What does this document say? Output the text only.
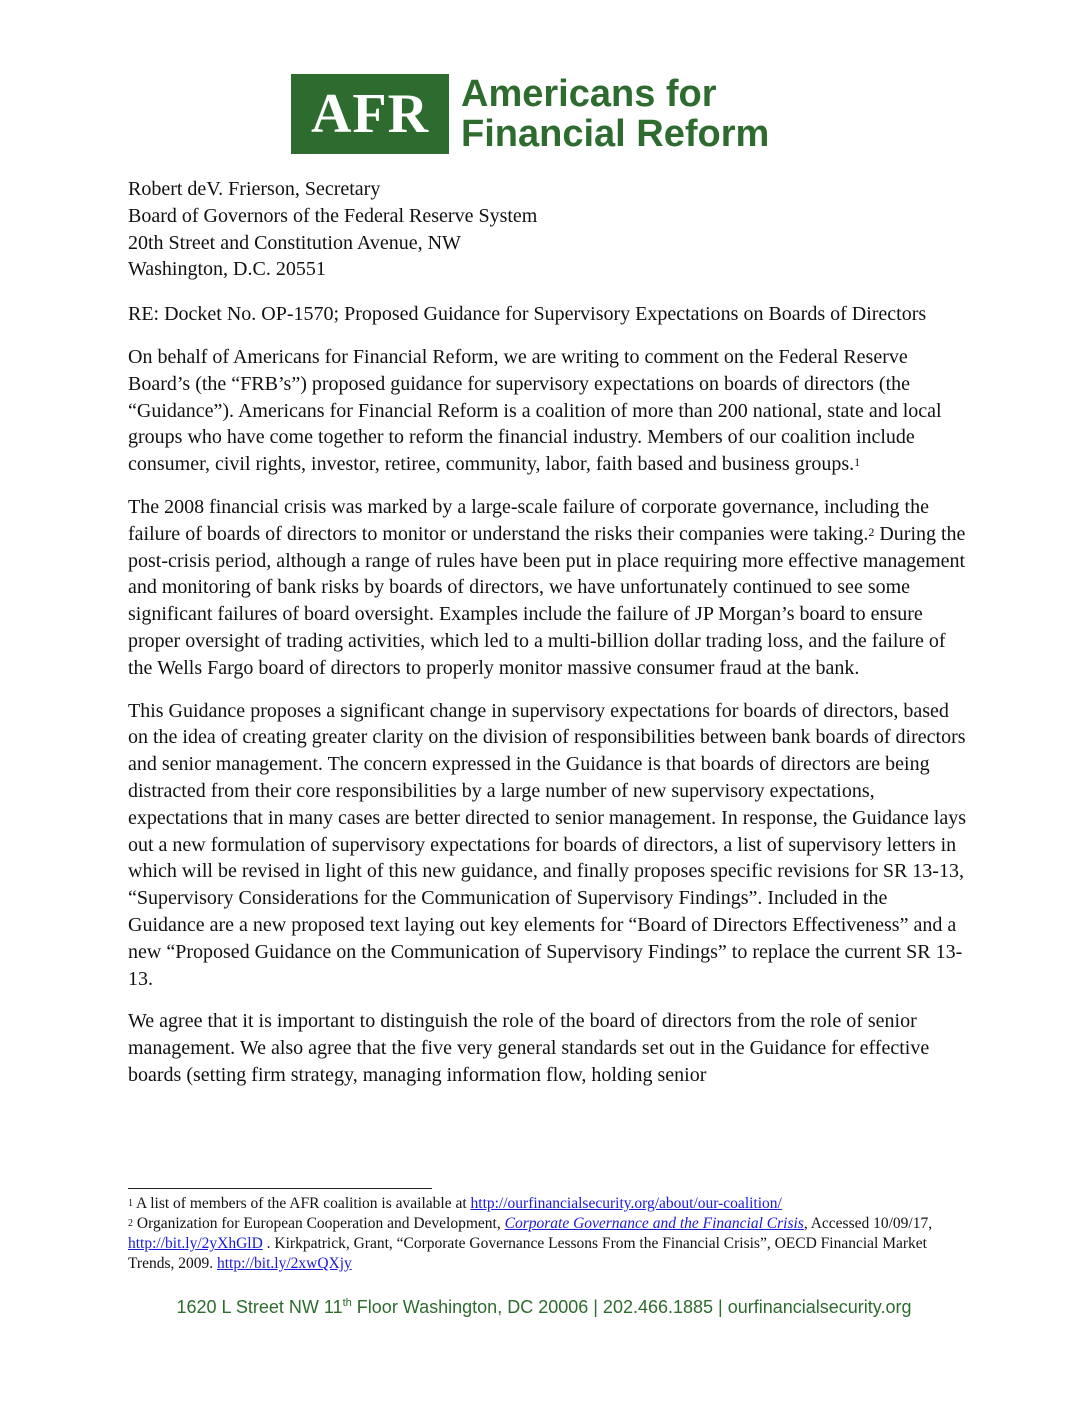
AFR Americans for
Financial Reform
Robert deV. Frierson, Secretary
Board of Governors of the Federal Reserve System
20th Street and Constitution Avenue, NW
Washington, D.C. 20551

RE: Docket No. OP-1570; Proposed Guidance for Supervisory Expectations on Boards of Directors

On behalf of Americans for Financial Reform, we are writing to comment on the Federal Reserve Board’s (the “FRB’s”) proposed guidance for supervisory expectations on boards of directors (the “Guidance”). Americans for Financial Reform is a coalition of more than 200 national, state and local groups who have come together to reform the financial industry. Members of our coalition include consumer, civil rights, investor, retiree, community, labor, faith based and business groups.$^1$

The 2008 financial crisis was marked by a large-scale failure of corporate governance, including the failure of boards of directors to monitor or understand the risks their companies were taking.$^2$ During the post-crisis period, although a range of rules have been put in place requiring more effective management and monitoring of bank risks by boards of directors, we have unfortunately continued to see some significant failures of board oversight. Examples include the failure of JP Morgan’s board to ensure proper oversight of trading activities, which led to a multi-billion dollar trading loss, and the failure of the Wells Fargo board of directors to properly monitor massive consumer fraud at the bank.

This Guidance proposes a significant change in supervisory expectations for boards of directors, based on the idea of creating greater clarity on the division of responsibilities between bank boards of directors and senior management. The concern expressed in the Guidance is that boards of directors are being distracted from their core responsibilities by a large number of new supervisory expectations, expectations that in many cases are better directed to senior management. In response, the Guidance lays out a new formulation of supervisory expectations for boards of directors, a list of supervisory letters in which will be revised in light of this new guidance, and finally proposes specific revisions for SR 13-13, “Supervisory Considerations for the Communication of Supervisory Findings”. Included in the Guidance are a new proposed text laying out key elements for “Board of Directors Effectiveness” and a new “Proposed Guidance on the Communication of Supervisory Findings” to replace the current SR 13-13.

We agree that it is important to distinguish the role of the board of directors from the role of senior management. We also agree that the five very general standards set out in the Guidance for effective boards (setting firm strategy, managing information flow, holding senior

$^1$ A list of members of the AFR coalition is available at http://ourfinancialsecurity.org/about/our-coalition/
$^2$ Organization for European Cooperation and Development, Corporate Governance and the Financial Crisis, Accessed 10/09/17, http://bit.ly/2yXhGlD . Kirkpatrick, Grant, “Corporate Governance Lessons From the Financial Crisis”, OECD Financial Market Trends, 2009. http://bit.ly/2xwQXjy
1620 L Street NW 11th Floor Washington, DC 20006 | 202.466.1885 | ourfinancialsecurity.org
